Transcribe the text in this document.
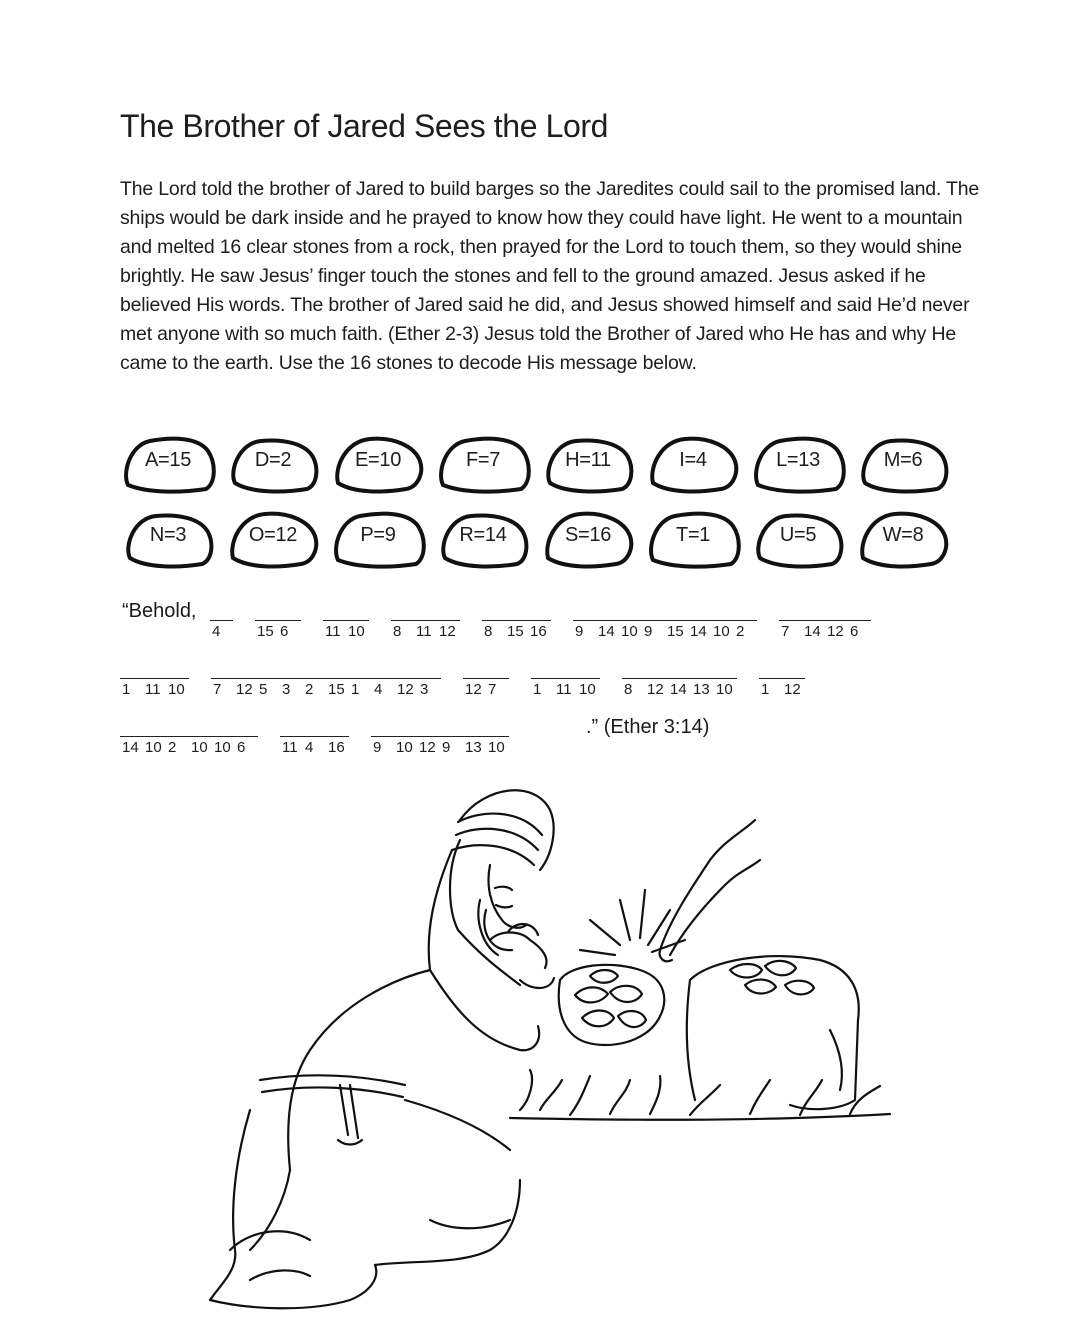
The Brother of Jared Sees the Lord

The Lord told the brother of Jared to build barges so the Jaredites could sail to the promised land. The ships would be dark inside and he prayed to know how they could have light. He went to a mountain and melted 16 clear stones from a rock, then prayed for the Lord to touch them, so they would shine brightly. He saw Jesus’ finger touch the stones and fell to the ground amazed. Jesus asked if he believed His words. The brother of Jared said he did, and Jesus showed himself and said He’d never met anyone with so much faith. (Ether 2-3) Jesus told the Brother of Jared who He has and why He came to the earth. Use the 16 stones to decode His message below.

A=15	D=2	E=10	F=7	H=11	I=4	L=13	M=6
N=3	O=12	P=9	R=14	S=16	T=1	U=5	W=8
“Behold,
4 15 6 11 10 8 11 12 8 15 16 9 14 10 9 15 14 10 2 7 14 12 6
1 11 10 7 12 5 3 2 15 1 4 12 3 12 7 1 11 10 8 12 14 13 10 1 12
14 10 2 10 10 6 11 4 16 9 10 12 9 13 10
.” (Ether 3:14)
